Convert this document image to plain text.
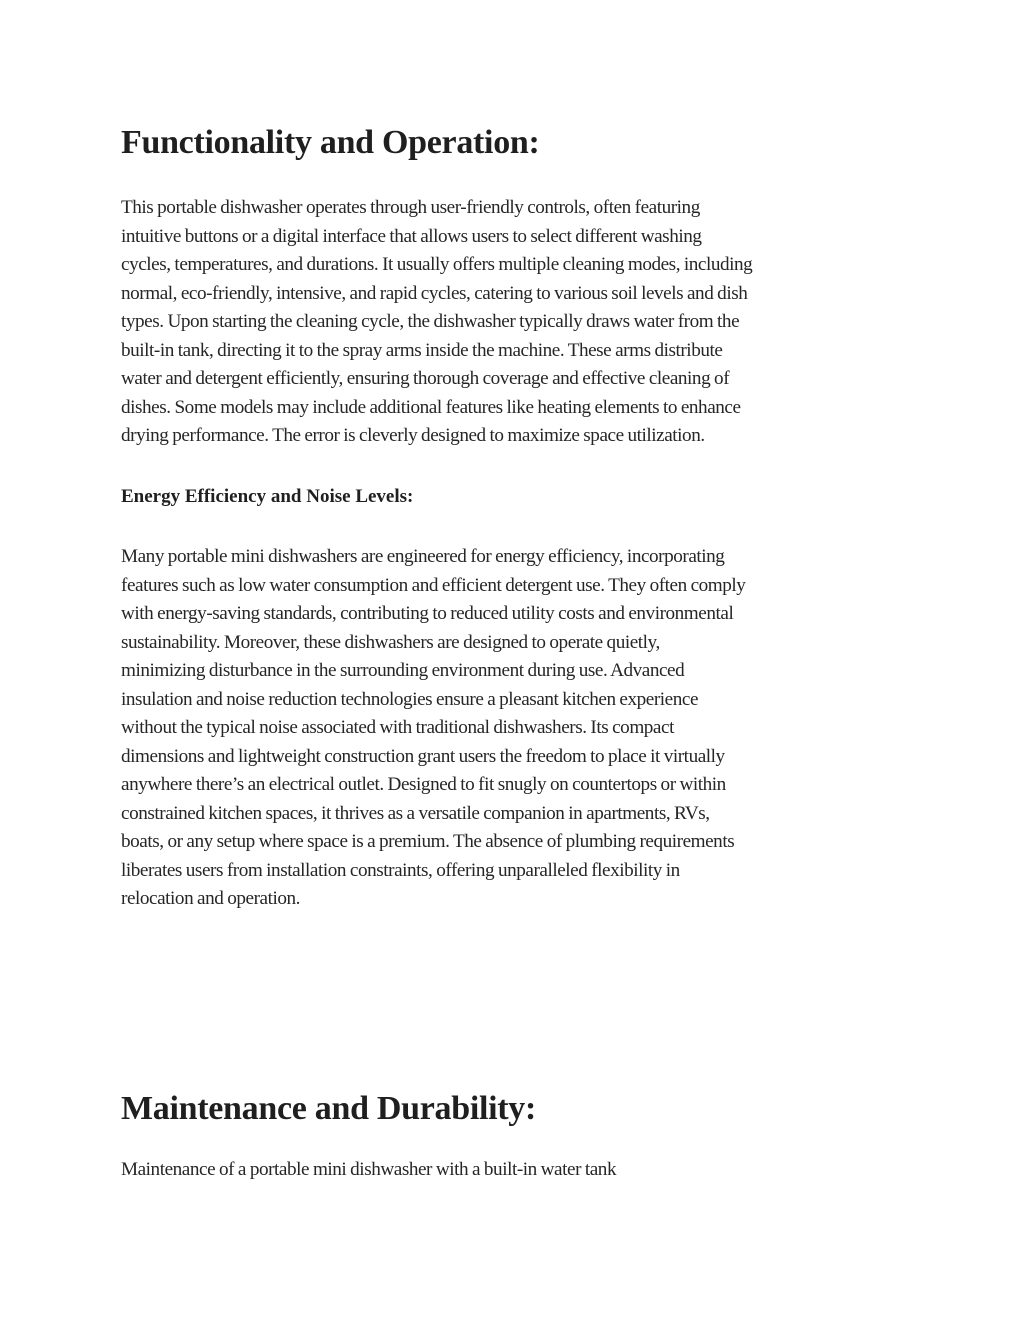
Functionality and Operation:
This portable dishwasher operates through user-friendly controls, often featuring
intuitive buttons or a digital interface that allows users to select different washing
cycles, temperatures, and durations. It usually offers multiple cleaning modes, including
normal, eco-friendly, intensive, and rapid cycles, catering to various soil levels and dish
types. Upon starting the cleaning cycle, the dishwasher typically draws water from the
built-in tank, directing it to the spray arms inside the machine. These arms distribute
water and detergent efficiently, ensuring thorough coverage and effective cleaning of
dishes. Some models may include additional features like heating elements to enhance
drying performance. The error is cleverly designed to maximize space utilization.
Energy Efficiency and Noise Levels:
Many portable mini dishwashers are engineered for energy efficiency, incorporating
features such as low water consumption and efficient detergent use. They often comply
with energy-saving standards, contributing to reduced utility costs and environmental
sustainability. Moreover, these dishwashers are designed to operate quietly,
minimizing disturbance in the surrounding environment during use. Advanced
insulation and noise reduction technologies ensure a pleasant kitchen experience
without the typical noise associated with traditional dishwashers. Its compact
dimensions and lightweight construction grant users the freedom to place it virtually
anywhere there’s an electrical outlet. Designed to fit snugly on countertops or within
constrained kitchen spaces, it thrives as a versatile companion in apartments, RVs,
boats, or any setup where space is a premium. The absence of plumbing requirements
liberates users from installation constraints, offering unparalleled flexibility in
relocation and operation.
Maintenance and Durability:
Maintenance of a portable mini dishwasher with a built-in water tank
